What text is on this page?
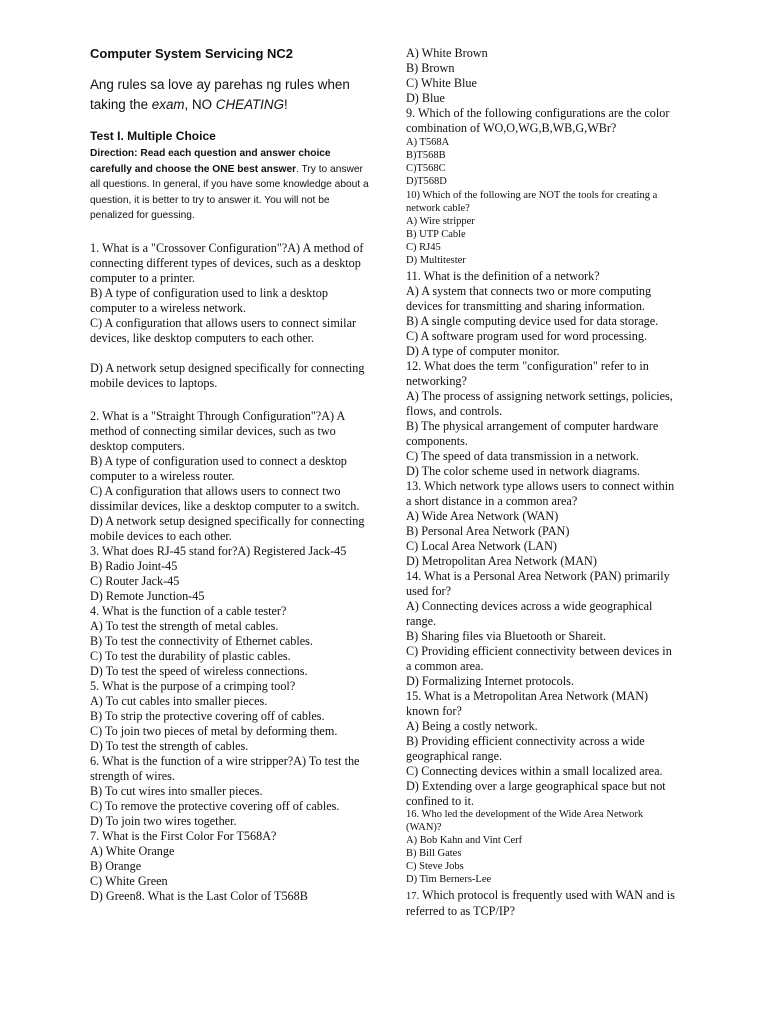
Computer System Servicing NC2
Ang rules sa love ay parehas ng rules when taking the exam, NO CHEATING!
Test I. Multiple Choice
Direction: Read each question and answer choice carefully and choose the ONE best answer. Try to answer all questions. In general, if you have some knowledge about a question, it is better to try to answer it. You will not be penalized for guessing.
1. What is a "Crossover Configuration"?A) A method of connecting different types of devices, such as a desktop computer to a printer.
B) A type of configuration used to link a desktop computer to a wireless network.
C) A configuration that allows users to connect similar devices, like desktop computers to each other.
D) A network setup designed specifically for connecting mobile devices to laptops.
2. What is a "Straight Through Configuration"?A) A method of connecting similar devices, such as two desktop computers.
B) A type of configuration used to connect a desktop computer to a wireless router.
C) A configuration that allows users to connect two dissimilar devices, like a desktop computer to a switch.
D) A network setup designed specifically for connecting mobile devices to each other.
3. What does RJ-45 stand for?A) Registered Jack-45
B) Radio Joint-45
C) Router Jack-45
D) Remote Junction-45
4. What is the function of a cable tester?
A) To test the strength of metal cables.
B) To test the connectivity of Ethernet cables.
C) To test the durability of plastic cables.
D) To test the speed of wireless connections.
5. What is the purpose of a crimping tool?
A) To cut cables into smaller pieces.
B) To strip the protective covering off of cables.
C) To join two pieces of metal by deforming them.
D) To test the strength of cables.
6. What is the function of a wire stripper?A) To test the strength of wires.
B) To cut wires into smaller pieces.
C) To remove the protective covering off of cables.
D) To join two wires together.
7. What is the First Color For T568A?
A) White Orange
B) Orange
C) White Green
D) Green8. What is the Last Color of T568B
A) White Brown
B) Brown
C) White Blue
D) Blue
9. Which of the following configurations are the color combination of WO,O,WG,B,WB,G,WBr?
A) T568A
B)T568B
C)T568C
D)T568D
10) Which of the following are NOT the tools for creating a network cable?
A) Wire stripper
B) UTP Cable
C) RJ45
D) Multitester
11. What is the definition of a network?
A) A system that connects two or more computing devices for transmitting and sharing information.
B) A single computing device used for data storage.
C) A software program used for word processing.
D) A type of computer monitor.
12. What does the term "configuration" refer to in networking?
A) The process of assigning network settings, policies, flows, and controls.
B) The physical arrangement of computer hardware components.
C) The speed of data transmission in a network.
D) The color scheme used in network diagrams.
13. Which network type allows users to connect within a short distance in a common area?
A) Wide Area Network (WAN)
B) Personal Area Network (PAN)
C) Local Area Network (LAN)
D) Metropolitan Area Network (MAN)
14. What is a Personal Area Network (PAN) primarily used for?
A) Connecting devices across a wide geographical range.
B) Sharing files via Bluetooth or Shareit.
C) Providing efficient connectivity between devices in a common area.
D) Formalizing Internet protocols.
15. What is a Metropolitan Area Network (MAN) known for?
A) Being a costly network.
B) Providing efficient connectivity across a wide geographical range.
C) Connecting devices within a small localized area.
D) Extending over a large geographical space but not confined to it.
16. Who led the development of the Wide Area Network (WAN)?
A) Bob Kahn and Vint Cerf
B) Bill Gates
C) Steve Jobs
D) Tim Berners-Lee
17. Which protocol is frequently used with WAN and is referred to as TCP/IP?
